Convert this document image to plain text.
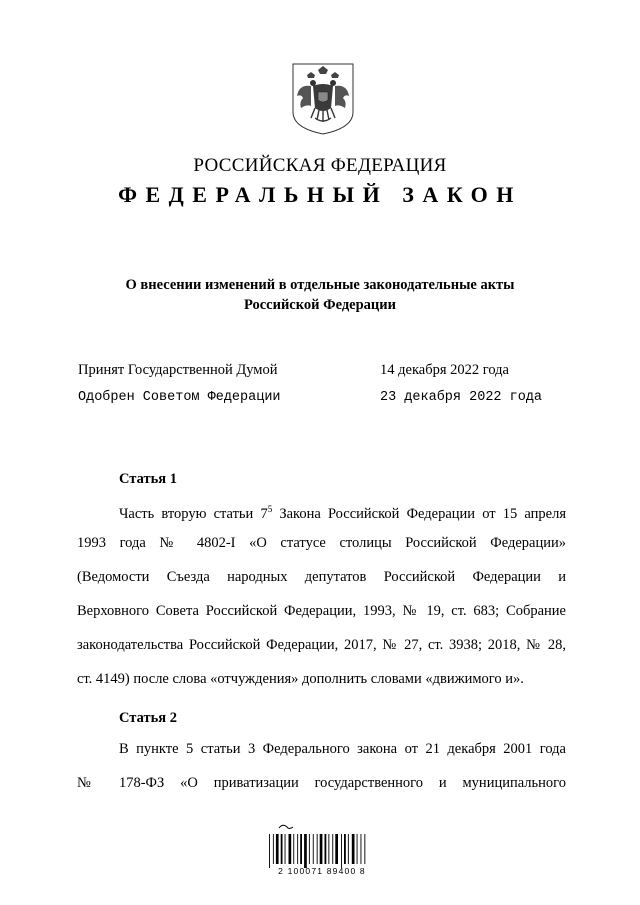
РОССИЙСКАЯ ФЕДЕРАЦИЯ
ФЕДЕРАЛЬНЫЙ ЗАКОН
О внесении изменений в отдельные законодательные акты
Российской Федерации
Принят Государственной Думой	14 декабря 2022 года
Одобрен Советом Федерации	23 декабря 2022 года
Статья 1
Часть вторую статьи $7^5$ Закона Российской Федерации от 15 апреля
1993 года № 4802-I «О статусе столицы Российской Федерации»
(Ведомости Съезда народных депутатов Российской Федерации и
Верховного Совета Российской Федерации, 1993, № 19, ст. 683; Собрание
законодательства Российской Федерации, 2017, № 27, ст. 3938; 2018, № 28,
ст. 4149) после слова «отчуждения» дополнить словами «движимого и».
Статья 2
В пункте 5 статьи 3 Федерального закона от 21 декабря 2001 года
№ 178-ФЗ «О приватизации государственного и муниципального
2 100071 89400 8
